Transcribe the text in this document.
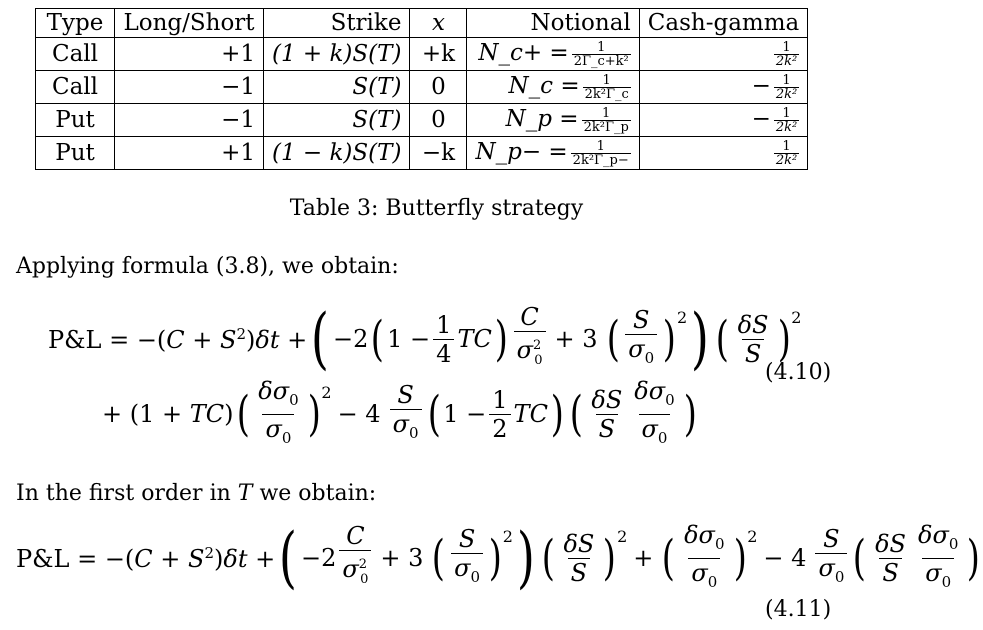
Type	Long/Short	Strike	x	Notional	Cash-gamma
Call	+1	(1 + k)S(T)	+k	N_c+ = $\frac{1}{\text{2Γ\_c+k²}}$	$\frac{1}{\text{2k²}}$

Call	−1	S(T)	0	N_c = $\frac{1}{\text{2k²Γ\_c}}$	− $\frac{1}{\text{2k²}}$

Put	−1	S(T)	0	N_p = $\frac{1}{\text{2k²Γ\_p}}$	− $\frac{1}{\text{2k²}}$

Put	+1	(1 − k)S(T)	−k	N_p− = $\frac{1}{\text{2k²Γ\_p−}}$	$\frac{1}{\text{2k²}}$
Table 3: Butterfly strategy
Applying formula (3.8), we obtain:
P&L = $-(C + S^2)\delta t$ + ( −2 ( $1 - \frac{1}{4}$ T C ) $\frac{C}{\sigma^2_0} + 3$ ( $\frac{S}{\sigma_0}$ ) 2 ) ( $\frac{\delta S}{S}$ ) 2
+ (1 + TC) ( $\frac{\delta\sigma_0}{\sigma_0}$ ) 2
− $4 \frac{S}{\sigma_0}$ ( $1 - \frac{1}{2}$ T C ) ( $\frac{\delta S}{S} \frac{\delta\sigma_0}{\sigma_0}$ )
(4.10)
In the first order in T we obtain:
P&L = $-(C + S^2)\delta t$ + ( $-2 \frac{C}{\sigma^2_0} + 3$ ( $\frac{S}{\sigma_0}$ ) 2 ) ( $\frac{\delta S}{S}$ ) 2
+ ( $\frac{\delta\sigma_0}{\sigma_0}$ ) 2
− $4 \frac{S}{\sigma_0}$ ( $\frac{\delta S}{S} \frac{\delta\sigma_0}{\sigma_0}$ )
(4.11)
